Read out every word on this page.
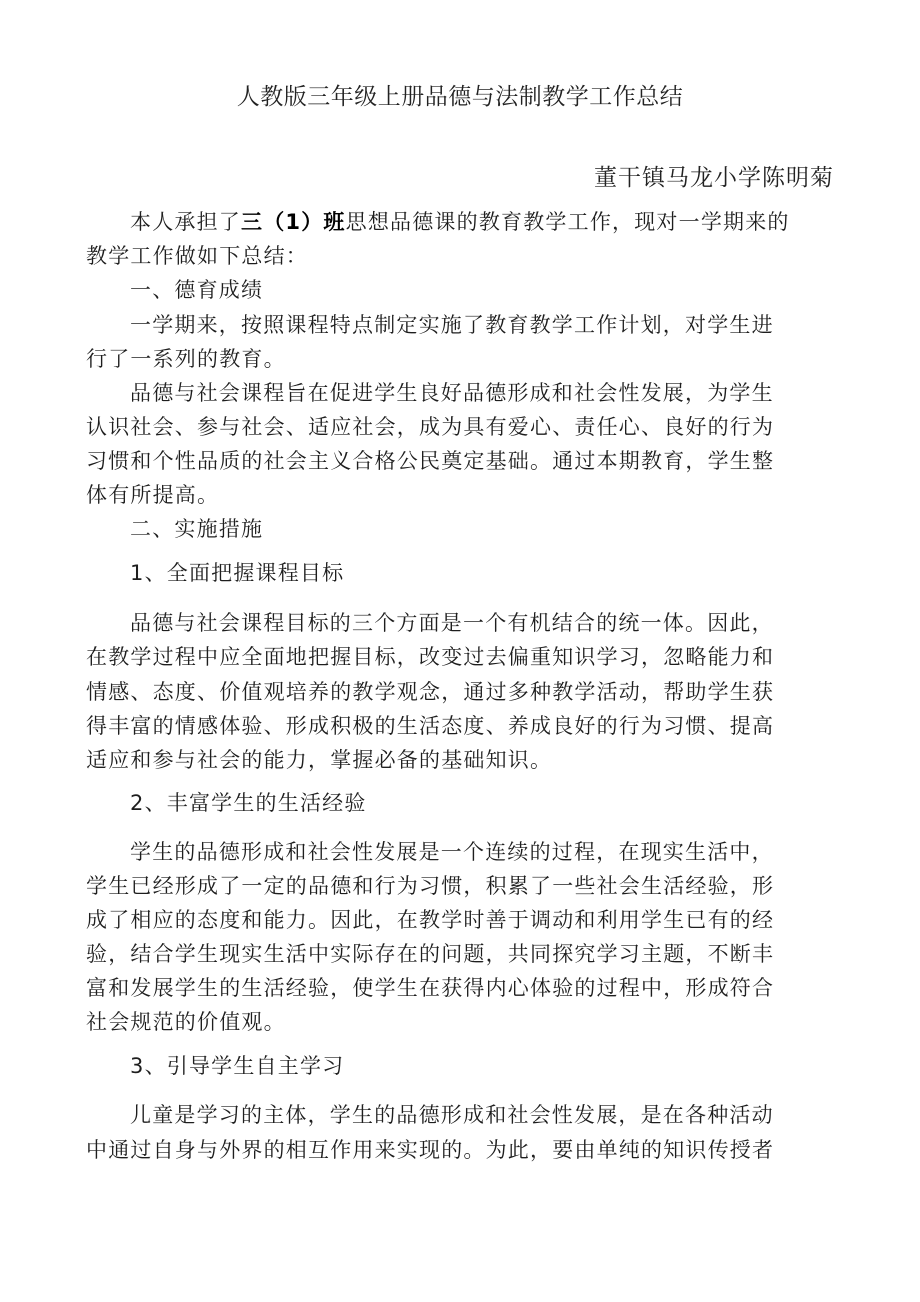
人教版三年级上册品德与法制教学工作总结
董干镇马龙小学陈明菊
本人承担了三（1）班思想品德课的教育教学工作，现对一学期来的
教学工作做如下总结：
一、德育成绩
一学期来，按照课程特点制定实施了教育教学工作计划，对学生进
行了一系列的教育。
品德与社会课程旨在促进学生良好品德形成和社会性发展，为学生
认识社会、参与社会、适应社会，成为具有爱心、责任心、良好的行为
习惯和个性品质的社会主义合格公民奠定基础。通过本期教育，学生整
体有所提高。
二、实施措施
1、全面把握课程目标
品德与社会课程目标的三个方面是一个有机结合的统一体。因此，
在教学过程中应全面地把握目标，改变过去偏重知识学习，忽略能力和
情感、态度、价值观培养的教学观念，通过多种教学活动，帮助学生获
得丰富的情感体验、形成积极的生活态度、养成良好的行为习惯、提高
适应和参与社会的能力，掌握必备的基础知识。
2、丰富学生的生活经验
学生的品德形成和社会性发展是一个连续的过程，在现实生活中，
学生已经形成了一定的品德和行为习惯，积累了一些社会生活经验，形
成了相应的态度和能力。因此，在教学时善于调动和利用学生已有的经
验，结合学生现实生活中实际存在的问题，共同探究学习主题，不断丰
富和发展学生的生活经验，使学生在获得内心体验的过程中，形成符合
社会规范的价值观。
3、引导学生自主学习
儿童是学习的主体，学生的品德形成和社会性发展，是在各种活动
中通过自身与外界的相互作用来实现的。为此，要由单纯的知识传授者
